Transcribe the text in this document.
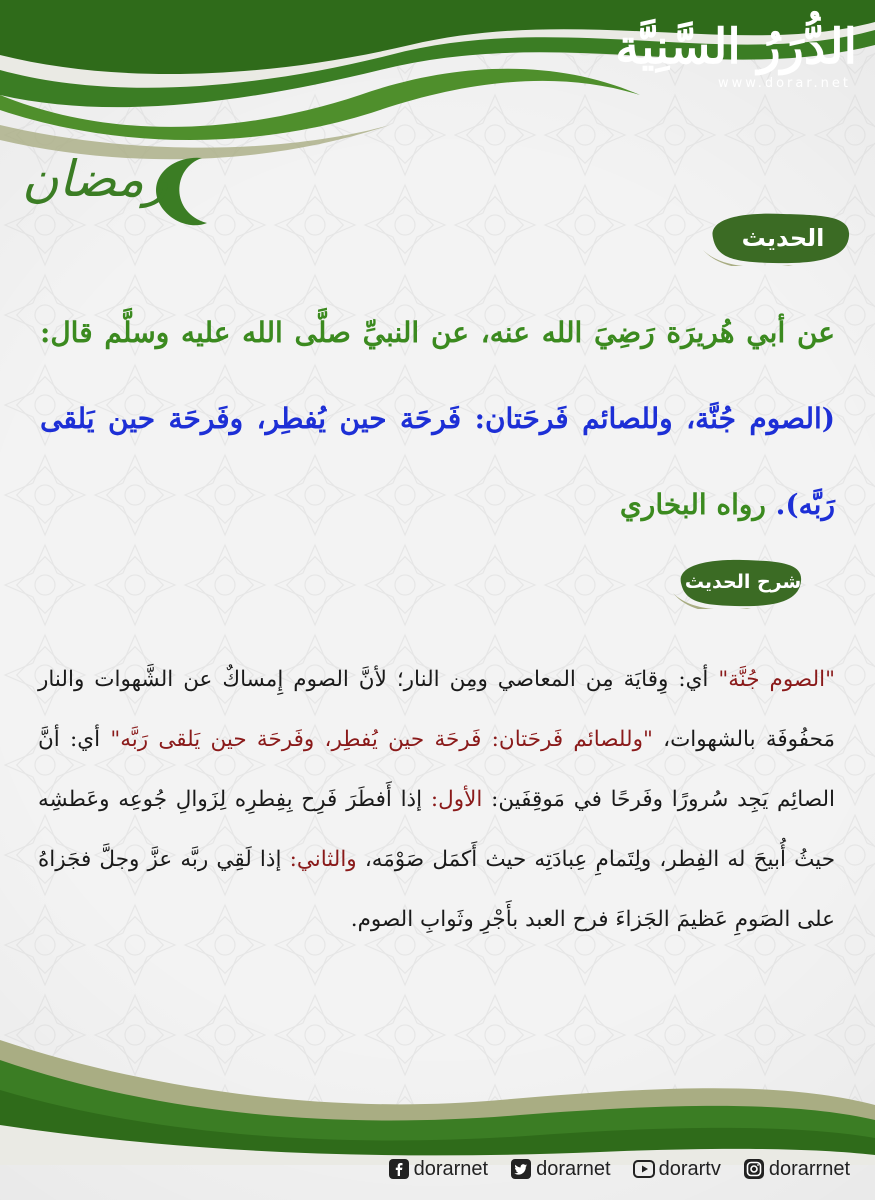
الدُّرَرُ السَّنِيَّة
www.dorar.net
رمضان
الحديث
عن أبي هُريرَة رَضِيَ الله عنه، عن النبيِّ صلَّى الله عليه وسلَّم قال: (الصوم جُنَّة، وللصائم فَرحَتان: فَرحَة حين يُفطِر، وفَرحَة حين يَلقى رَبَّه). رواه البخاري
شرح الحديث
"الصوم جُنَّة" أي: وِقايَة مِن المعاصي ومِن النار؛ لأنَّ الصوم إِمساكٌ عن الشَّهوات والنار مَحفُوفَة بالشهوات، "وللصائم فَرحَتان: فَرحَة حين يُفطِر، وفَرحَة حين يَلقى رَبَّه" أي: أنَّ الصائِم يَجِد سُرورًا وفَرحًا في مَوقِفَين: الأول: إذا أَفطَرَ فَرِح بِفِطرِه لِزَوالِ جُوعِه وعَطشِه حيثُ أُبيحَ له الفِطر، ولِتَمامِ عِبادَتِه حيث أَكمَل صَوْمَه، والثاني: إذا لَقِي ربَّه عزَّ وجلَّ فجَزاهُ على الصَومِ عَظيمَ الجَزاءَ فرح العبد بأَجْرِ وثَوابِ الصوم.
dorarnet dorarnet dorartv dorarrnet
